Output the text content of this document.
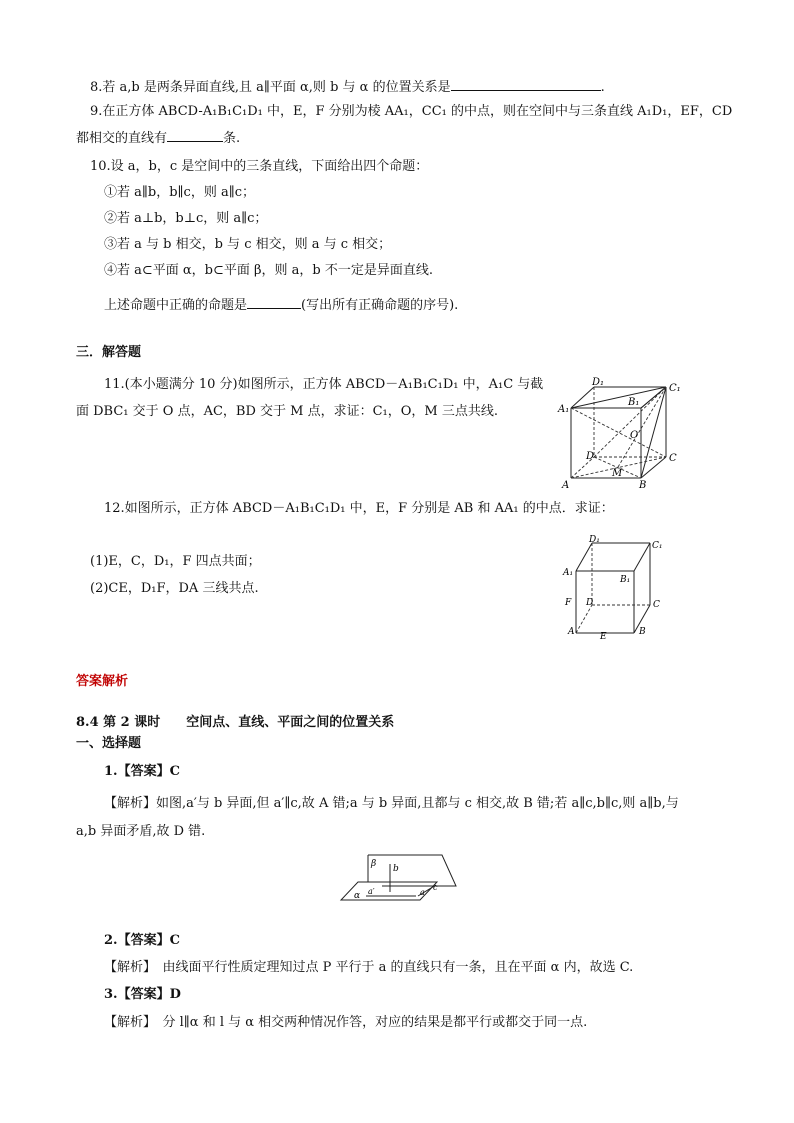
8.若 a,b 是两条异面直线,且 a∥平面 α,则 b 与 α 的位置关系是	.
9.在正方体 ABCD-A₁B₁C₁D₁ 中，E，F 分别为棱 AA₁，CC₁ 的中点，则在空间中与三条直线 A₁D₁，EF，CD
都相交的直线有	条.
10.设 a，b，c 是空间中的三条直线，下面给出四个命题：
①若 a∥b，b∥c，则 a∥c；
②若 a⊥b，b⊥c，则 a∥c；
③若 a 与 b 相交，b 与 c 相交，则 a 与 c 相交；
④若 a⊂平面 α，b⊂平面 β，则 a，b 不一定是异面直线.
上述命题中正确的命题是	(写出所有正确命题的序号).
三．解答题
11.(本小题满分 10 分)如图所示，正方体 ABCD－A₁B₁C₁D₁ 中，A₁C 与截
面 DBC₁ 交于 O 点，AC，BD 交于 M 点，求证：C₁，O，M 三点共线.
D₁
C₁
A₁
B₁
O
D	C
M
A	B
12.如图所示，正方体 ABCD－A₁B₁C₁D₁ 中，E，F 分别是 AB 和 AA₁ 的中点．求证：
(1)E，C，D₁，F 四点共面；
(2)CE，D₁F，DA 三线共点.
D₁
C₁
A₁
B₁
F D	C
A	E	B
答案解析
8.4 第 2 课时　　空间点、直线、平面之间的位置关系
一、选择题
1.【答案】C
【解析】如图,a′与 b 异面,但 a′∥c,故 A 错;a 与 b 异面,且都与 c 相交,故 B 错;若 a∥c,b∥c,则 a∥b,与
a,b 异面矛盾,故 D 错.
β b
α a′	a
c
2.【答案】C
【解析】　由线面平行性质定理知过点 P 平行于 a 的直线只有一条，且在平面 α 内，故选 C.
3.【答案】D
【解析】　分 l∥α 和 l 与 α 相交两种情况作答，对应的结果是都平行或都交于同一点.
